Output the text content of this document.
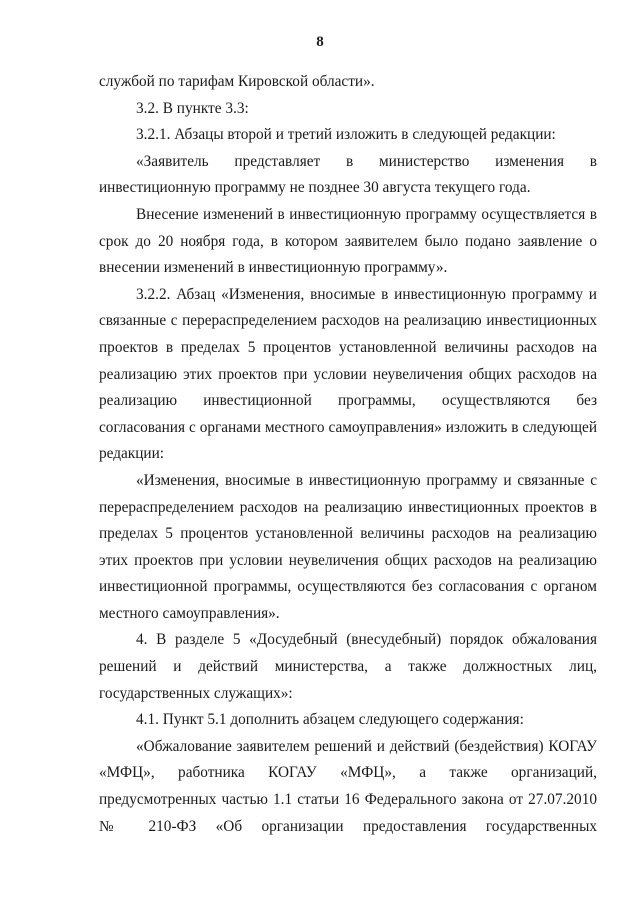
8

службой по тарифам Кировской области».

3.2. В пункте 3.3:

3.2.1. Абзацы второй и третий изложить в следующей редакции:

«Заявитель представляет в министерство изменения в инвестиционную программу не позднее 30 августа текущего года.

Внесение изменений в инвестиционную программу осуществляется в срок до 20 ноября года, в котором заявителем было подано заявление о внесении изменений в инвестиционную программу».

3.2.2. Абзац «Изменения, вносимые в инвестиционную программу и связанные с перераспределением расходов на реализацию инвестиционных проектов в пределах 5 процентов установленной величины расходов на реализацию этих проектов при условии неувеличения общих расходов на реализацию инвестиционной программы, осуществляются без согласования с органами местного самоуправления» изложить в следующей редакции:

«Изменения, вносимые в инвестиционную программу и связанные с перераспределением расходов на реализацию инвестиционных проектов в пределах 5 процентов установленной величины расходов на реализацию этих проектов при условии неувеличения общих расходов на реализацию инвестиционной программы, осуществляются без согласования с органом местного самоуправления».

4. В разделе 5 «Досудебный (внесудебный) порядок обжалования решений и действий министерства, а также должностных лиц, государственных служащих»:

4.1. Пункт 5.1 дополнить абзацем следующего содержания:

«Обжалование заявителем решений и действий (бездействия) КОГАУ «МФЦ», работника КОГАУ «МФЦ», а также организаций, предусмотренных частью 1.1 статьи 16 Федерального закона от 27.07.2010 № 210-ФЗ «Об организации предоставления государственных
